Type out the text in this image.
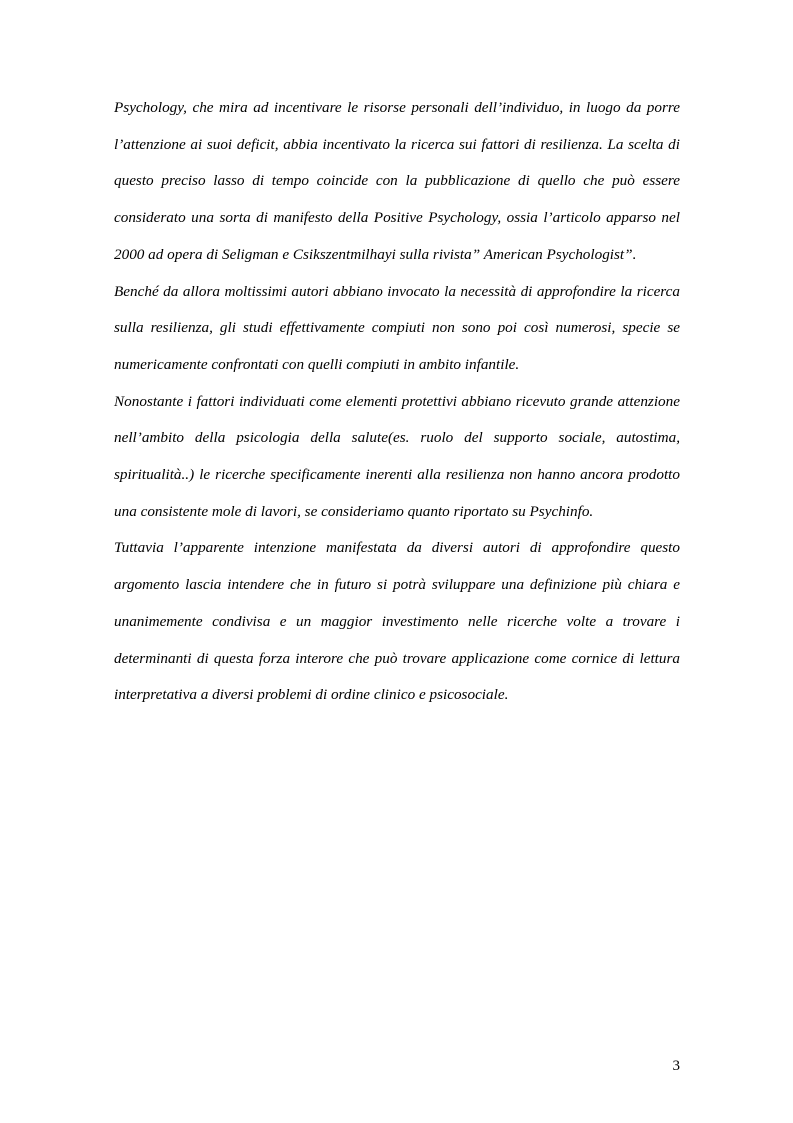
Psychology, che mira ad incentivare le risorse personali dell’individuo, in luogo da porre l’attenzione ai suoi deficit, abbia incentivato la ricerca sui fattori di resilienza. La scelta di questo preciso lasso di tempo coincide con la pubblicazione di quello che può essere considerato una sorta di manifesto della Positive Psychology, ossia l’articolo apparso nel 2000 ad opera di Seligman e Csikszentmilhayi sulla rivista” American Psychologist”.

Benché da allora moltissimi autori abbiano invocato la necessità di approfondire la ricerca sulla resilienza, gli studi effettivamente compiuti non sono poi così numerosi, specie se numericamente confrontati con quelli compiuti in ambito infantile.

Nonostante i fattori individuati come elementi protettivi abbiano ricevuto grande attenzione nell’ambito della psicologia della salute(es. ruolo del supporto sociale, autostima, spiritualità..) le ricerche specificamente inerenti alla resilienza non hanno ancora prodotto una consistente mole di lavori, se consideriamo quanto riportato su Psychinfo.

Tuttavia l’apparente intenzione manifestata da diversi autori di approfondire questo argomento lascia intendere che in futuro si potrà sviluppare una definizione più chiara e unanimemente condivisa e un maggior investimento nelle ricerche volte a trovare i determinanti di questa forza interore che può trovare applicazione come cornice di lettura interpretativa a diversi problemi di ordine clinico e psicosociale.

3
